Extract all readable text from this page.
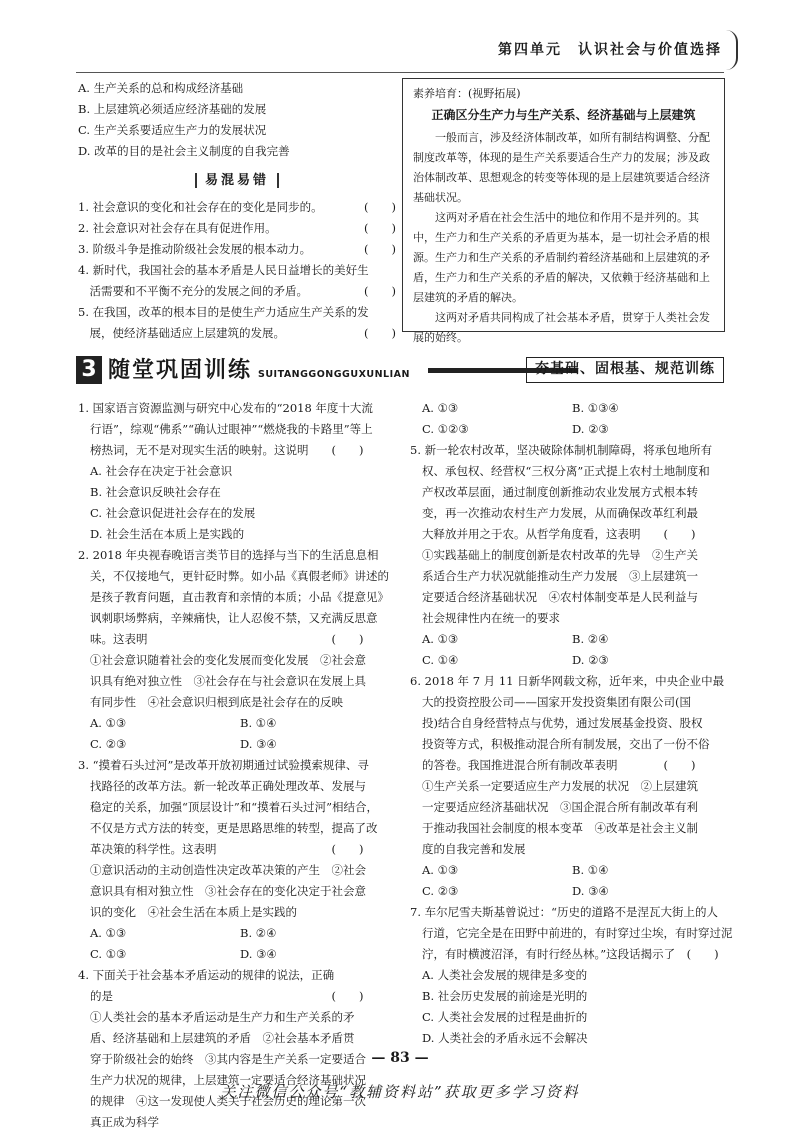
第四单元　认识社会与价值选择
A. 生产关系的总和构成经济基础
B. 上层建筑必须适应经济基础的发展
C. 生产关系要适应生产力的发展状况
D. 改革的目的是社会主义制度的自我完善
易混易错
1. 社会意识的变化和社会存在的变化是同步的。	(　　)
2. 社会意识对社会存在具有促进作用。	(　　)
3. 阶级斗争是推动阶级社会发展的根本动力。	(　　)
4. 新时代，我国社会的基本矛盾是人民日益增长的美好生
　活需要和不平衡不充分的发展之间的矛盾。	(　　)
5. 在我国，改革的根本目的是使生产力适应生产关系的发
　展，使经济基础适应上层建筑的发展。	(　　)
素养培育：(视野拓展)
正确区分生产力与生产关系、经济基础与上层建筑

一般而言，涉及经济体制改革，如所有制结构调整、分配制度改革等，体现的是生产关系要适合生产力的发展；涉及政治体制改革、思想观念的转变等体现的是上层建筑要适合经济基础状况。

这两对矛盾在社会生活中的地位和作用不是并列的。其中，生产力和生产关系的矛盾更为基本，是一切社会矛盾的根源。生产力和生产关系的矛盾制约着经济基础和上层建筑的矛盾，生产力和生产关系的矛盾的解决，又依赖于经济基础和上层建筑的矛盾的解决。

这两对矛盾共同构成了社会基本矛盾，贯穿于人类社会发展的始终。

3 随堂巩固训练 SUITANGGONGGUXUNLIAN	夯基础、固根基、规范训练
1. 国家语言资源监测与研究中心发布的“2018 年度十大流
行语”，综观“佛系”“确认过眼神”“燃烧我的卡路里”等上
榜热词，无不是对现实生活的映射。这说明　　(　　)
A. 社会存在决定于社会意识
B. 社会意识反映社会存在
C. 社会意识促进社会存在的发展
D. 社会生活在本质上是实践的
2. 2018 年央视春晚语言类节目的选择与当下的生活息息相
关，不仅接地气，更针砭时弊。如小品《真假老师》讲述的
是孩子教育问题，直击教育和亲情的本质；小品《提意见》
讽刺职场弊病，辛辣痛快，让人忍俊不禁，又充满反思意
味。这表明　　　　　　　　　　　　　　　　(　　)
①社会意识随着社会的变化发展而变化发展　②社会意
识具有绝对独立性　③社会存在与社会意识在发展上具
有同步性　④社会意识归根到底是社会存在的反映
A. ①③	B. ①④
C. ②③	D. ③④
3. “摸着石头过河”是改革开放初期通过试验摸索规律、寻
找路径的改革方法。新一轮改革正确处理改革、发展与
稳定的关系，加强“顶层设计”和“摸着石头过河”相结合，
不仅是方式方法的转变，更是思路思维的转型，提高了改
革决策的科学性。这表明　　　　　　　　　　(　　)
①意识活动的主动创造性决定改革决策的产生　②社会
意识具有相对独立性　③社会存在的变化决定于社会意
识的变化　④社会生活在本质上是实践的
A. ①③	B. ②④
C. ①③	D. ③④
4. 下面关于社会基本矛盾运动的规律的说法，正确
的是　　　　　　　　　　　　　　　　　　　(　　)
①人类社会的基本矛盾运动是生产力和生产关系的矛
盾、经济基础和上层建筑的矛盾　②社会基本矛盾贯
穿于阶级社会的始终　③其内容是生产关系一定要适合
生产力状况的规律，上层建筑一定要适合经济基础状况
的规律　④这一发现使人类关于社会历史的理论第一次
真正成为科学
A. ①③	B. ①③④
C. ①②③	D. ②③
5. 新一轮农村改革，坚决破除体制机制障碍，将承包地所有
权、承包权、经营权“三权分离”正式提上农村土地制度和
产权改革层面，通过制度创新推动农业发展方式根本转
变，再一次推动农村生产力发展，从而确保改革红利最
大释放并用之于农。从哲学角度看，这表明　　(　　)
①实践基础上的制度创新是农村改革的先导　②生产关
系适合生产力状况就能推动生产力发展　③上层建筑一
定要适合经济基础状况　④农村体制变革是人民利益与
社会规律性内在统一的要求
A. ①③	B. ②④
C. ①④	D. ②③
6. 2018 年 7 月 11 日新华网载文称，近年来，中央企业中最
大的投资控股公司——国家开发投资集团有限公司(国
投)结合自身经营特点与优势，通过发展基金投资、股权
投资等方式，积极推动混合所有制发展，交出了一份不俗
的答卷。我国推进混合所有制改革表明　　　　(　　)
①生产关系一定要适应生产力发展的状况　②上层建筑
一定要适应经济基础状况　③国企混合所有制改革有利
于推动我国社会制度的根本变革　④改革是社会主义制
度的自我完善和发展
A. ①③	B. ①④
C. ②③	D. ③④
7. 车尔尼雪夫斯基曾说过：“历史的道路不是涅瓦大街上的人
行道，它完全是在田野中前进的，有时穿过尘埃，有时穿过泥
泞，有时横渡沼泽，有时行经丛林。”这段话揭示了　(　　)
A. 人类社会发展的规律是多变的
B. 社会历史发展的前途是光明的
C. 人类社会发展的过程是曲折的
D. 人类社会的矛盾永远不会解决
— 83 —
关注微信公众号“教辅资料站”获取更多学习资料
